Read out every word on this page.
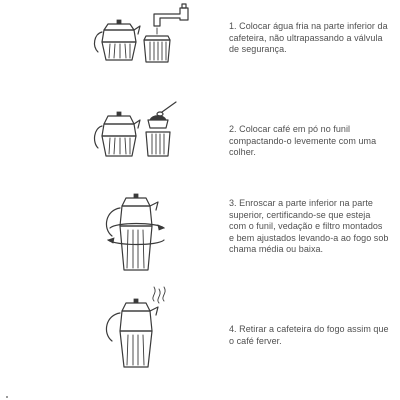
1. Colocar água fria na parte inferior da cafeteira, não ultrapassando a válvula de segurança.

2. Colocar café em pó no funil compactando-o levemente com uma colher.

3. Enroscar a parte inferior na parte superior, certificando-se que esteja com o funil, vedação e filtro montados e bem ajustados levando-a ao fogo sob chama média ou baixa.

4. Retirar a cafeteira do fogo assim que o café ferver.
